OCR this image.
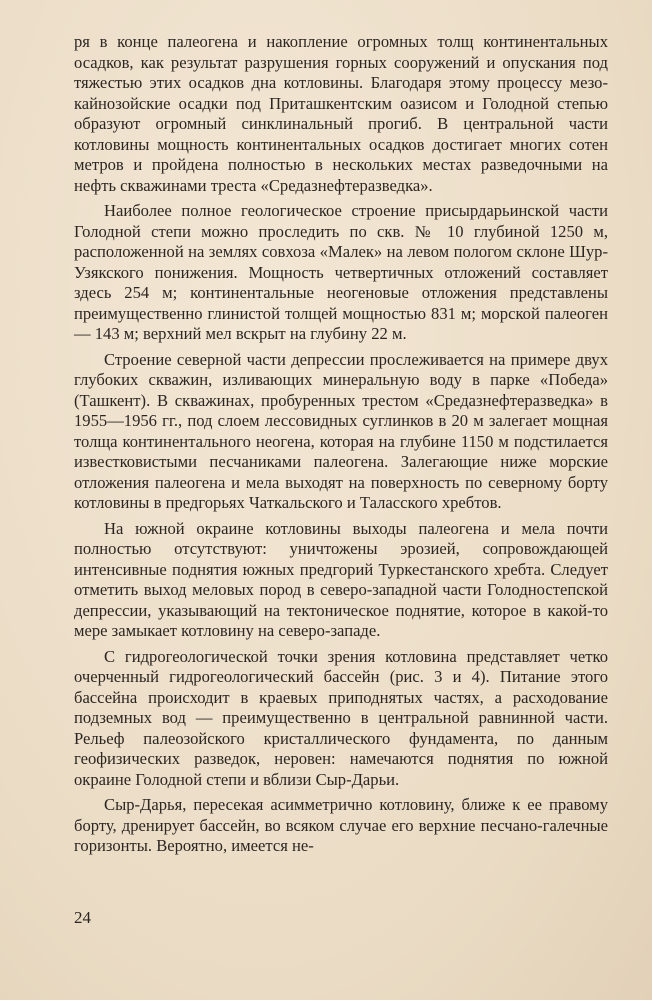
ря в конце палеогена и накопление огромных толщ континентальных осадков, как результат разрушения горных сооружений и опускания под тяжестью этих осадков дна котловины. Благодаря этому процессу мезо-кайнозойские осадки под Приташкентским оазисом и Голодной степью образуют огромный синклинальный прогиб. В центральной части котловины мощность континентальных осадков достигает многих сотен метров и пройдена полностью в нескольких местах разведочными на нефть скважинами треста «Средазнефтеразведка».

Наиболее полное геологическое строение присырдарьинской части Голодной степи можно проследить по скв. № 10 глубиной 1250 м, расположенной на землях совхоза «Малек» на левом пологом склоне Шур-Узякского понижения. Мощность четвертичных отложений составляет здесь 254 м; континентальные неогеновые отложения представлены преимущественно глинистой толщей мощностью 831 м; морской палеоген — 143 м; верхний мел вскрыт на глубину 22 м.

Строение северной части депрессии прослеживается на примере двух глубоких скважин, изливающих минеральную воду в парке «Победа» (Ташкент). В скважинах, пробуренных трестом «Средазнефтеразведка» в 1955—1956 гг., под слоем лессовидных суглинков в 20 м залегает мощная толща континентального неогена, которая на глубине 1150 м подстилается известковистыми песчаниками палеогена. Залегающие ниже морские отложения палеогена и мела выходят на поверхность по северному борту котловины в предгорьях Чаткальского и Таласского хребтов.

На южной окраине котловины выходы палеогена и мела почти полностью отсутствуют: уничтожены эрозией, сопровождающей интенсивные поднятия южных предгорий Туркестанского хребта. Следует отметить выход меловых пород в северо-западной части Голодностепской депрессии, указывающий на тектоническое поднятие, которое в какой-то мере замыкает котловину на северо-западе.

С гидрогеологической точки зрения котловина представляет четко очерченный гидрогеологический бассейн (рис. 3 и 4). Питание этого бассейна происходит в краевых приподнятых частях, а расходование подземных вод — преимущественно в центральной равнинной части. Рельеф палеозойского кристаллического фундамента, по данным геофизических разведок, неровен: намечаются поднятия по южной окраине Голодной степи и вблизи Сыр-Дарьи.

Сыр-Дарья, пересекая асимметрично котловину, ближе к ее правому борту, дренирует бассейн, во всяком случае его верхние песчано-галечные горизонты. Вероятно, имеется не-

24
